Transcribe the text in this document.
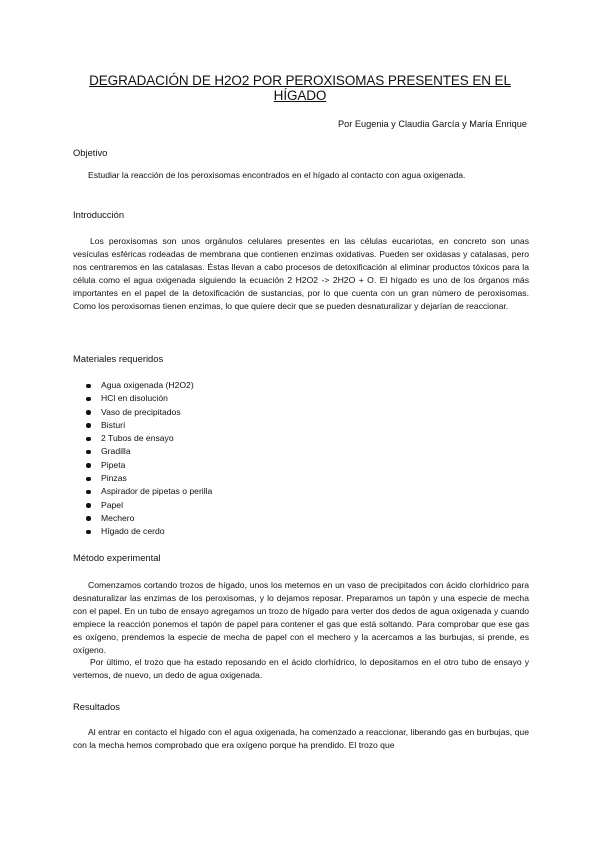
DEGRADACIÓN DE H2O2 POR PEROXISOMAS PRESENTES EN EL HÍGADO
Por Eugenia y Claudia García y María Enrique
Objetivo

Estudiar la reacción de los peroxisomas encontrados en el hígado al contacto con agua oxigenada.

Introducción

Los peroxisomas son unos orgánulos celulares presentes en las células eucariotas, en concreto son unas vesículas esféricas rodeadas de membrana que contienen enzimas oxidativas. Pueden ser oxidasas y catalasas, pero nos centraremos en las catalasas. Éstas llevan a cabo procesos de detoxificación al eliminar productos tóxicos para la célula como el agua oxigenada siguiendo la ecuación 2 H2O2 -> 2H2O + O. El hígado es uno de los órganos más importantes en el papel de la detoxificación de sustancias, por lo que cuenta con un gran número de peroxisomas. Como los peroxisomas tienen enzimas, lo que quiere decir que se pueden desnaturalizar y dejarían de reaccionar.

Materiales requeridos
Agua oxigenada (H2O2)
HCl en disolución
Vaso de precipitados
Bisturí
2 Tubos de ensayo
Gradilla
Pipeta
Pinzas
Aspirador de pipetas o perilla
Papel
Mechero
Hígado de cerdo
Método experimental

Comenzamos cortando trozos de hígado, unos los metemos en un vaso de precipitados con ácido clorhídrico para desnaturalizar las enzimas de los peroxisomas, y lo dejamos reposar. Preparamos un tapón y una especie de mecha con el papel. En un tubo de ensayo agregamos un trozo de hígado para verter dos dedos de agua oxigenada y cuando empiece la reacción ponemos el tapón de papel para contener el gas que está soltando. Para comprobar que ese gas es oxígeno, prendemos la especie de mecha de papel con el mechero y la acercamos a las burbujas, si prende, es oxígeno.
Por último, el trozo que ha estado reposando en el ácido clorhídrico, lo depositamos en el otro tubo de ensayo y vertemos, de nuevo, un dedo de agua oxigenada.

Resultados

Al entrar en contacto el hígado con el agua oxigenada, ha comenzado a reaccionar, liberando gas en burbujas, que con la mecha hemos comprobado que era oxígeno porque ha prendido. El trozo que
